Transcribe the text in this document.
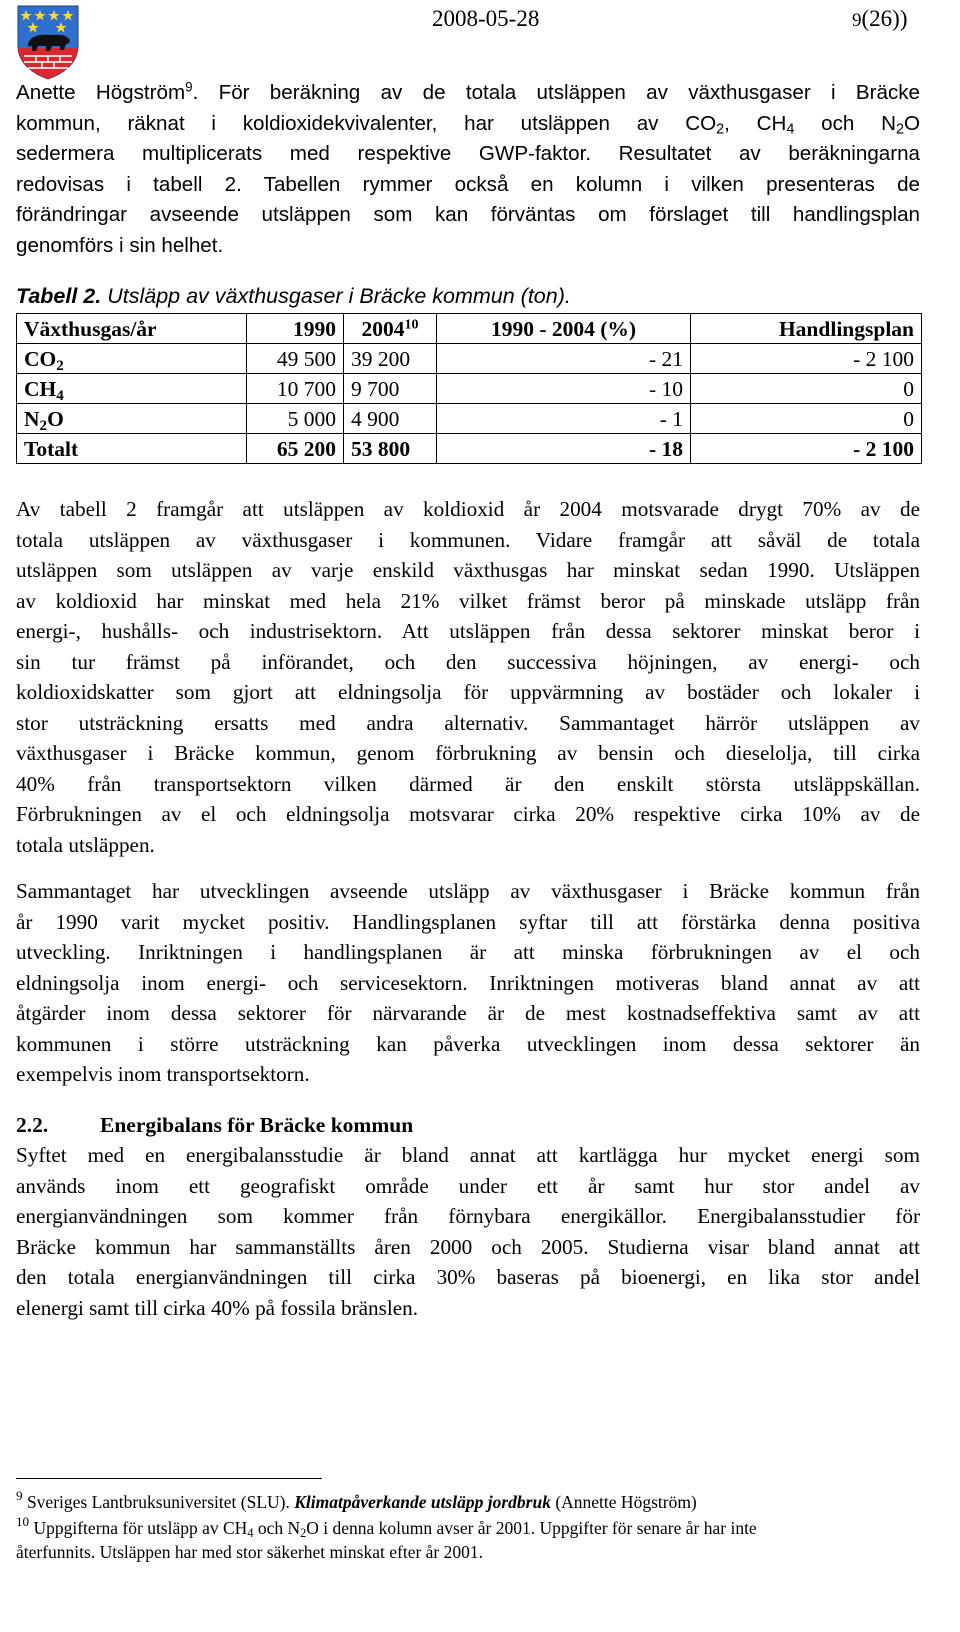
2008-05-28	9(26))
Anette Högström$^9$. För beräkning av de totala utsläppen av växthusgaser i Bräcke
kommun, räknat i koldioxidekvivalenter, har utsläppen av $CO_2$, $CH_4$ och $N_2O$
sedermera multiplicerats med respektive GWP-faktor. Resultatet av beräkningarna
redovisas i tabell 2. Tabellen rymmer också en kolumn i vilken presenteras de
förändringar avseende utsläppen som kan förväntas om förslaget till handlingsplan
genomförs i sin helhet.
Tabell 2. Utsläpp av växthusgaser i Bräcke kommun (ton).
Växthusgas/år	1990	2004$^{10}$	1990 - 2004 (%)	Handlingsplan
$CO_2$	49 500	39 200	- 21	- 2 100
$CH_4$	10 700	9 700	- 10	0
$N_2O$	5 000	4 900	- 1	0
Totalt	65 200	53 800	- 18	- 2 100
Av tabell 2 framgår att utsläppen av koldioxid år 2004 motsvarade drygt 70% av de
totala utsläppen av växthusgaser i kommunen. Vidare framgår att såväl de totala
utsläppen som utsläppen av varje enskild växthusgas har minskat sedan 1990. Utsläppen
av koldioxid har minskat med hela 21% vilket främst beror på minskade utsläpp från
energi-, hushålls- och industrisektorn. Att utsläppen från dessa sektorer minskat beror i
sin tur främst på införandet, och den successiva höjningen, av energi- och
koldioxidskatter som gjort att eldningsolja för uppvärmning av bostäder och lokaler i
stor utsträckning ersatts med andra alternativ. Sammantaget härrör utsläppen av
växthusgaser i Bräcke kommun, genom förbrukning av bensin och dieselolja, till cirka
40% från transportsektorn vilken därmed är den enskilt största utsläppskällan.
Förbrukningen av el och eldningsolja motsvarar cirka 20% respektive cirka 10% av de
totala utsläppen.
Sammantaget har utvecklingen avseende utsläpp av växthusgaser i Bräcke kommun från
år 1990 varit mycket positiv. Handlingsplanen syftar till att förstärka denna positiva
utveckling. Inriktningen i handlingsplanen är att minska förbrukningen av el och
eldningsolja inom energi- och servicesektorn. Inriktningen motiveras bland annat av att
åtgärder inom dessa sektorer för närvarande är de mest kostnadseffektiva samt av att
kommunen i större utsträckning kan påverka utvecklingen inom dessa sektorer än
exempelvis inom transportsektorn.
2.2. Energibalans för Bräcke kommun
Syftet med en energibalansstudie är bland annat att kartlägga hur mycket energi som
används inom ett geografiskt område under ett år samt hur stor andel av
energianvändningen som kommer från förnybara energikällor. Energibalansstudier för
Bräcke kommun har sammanställts åren 2000 och 2005. Studierna visar bland annat att
den totala energianvändningen till cirka 30% baseras på bioenergi, en lika stor andel
elenergi samt till cirka 40% på fossila bränslen.

$^9$ Sveriges Lantbruksuniversitet (SLU). Klimatpåverkande utsläpp jordbruk (Annette Högström)

$^{10}$ Uppgifterna för utsläpp av $CH_4$ och $N_2O$ i denna kolumn avser år 2001. Uppgifter för senare år har inte
återfunnits. Utsläppen har med stor säkerhet minskat efter år 2001.
